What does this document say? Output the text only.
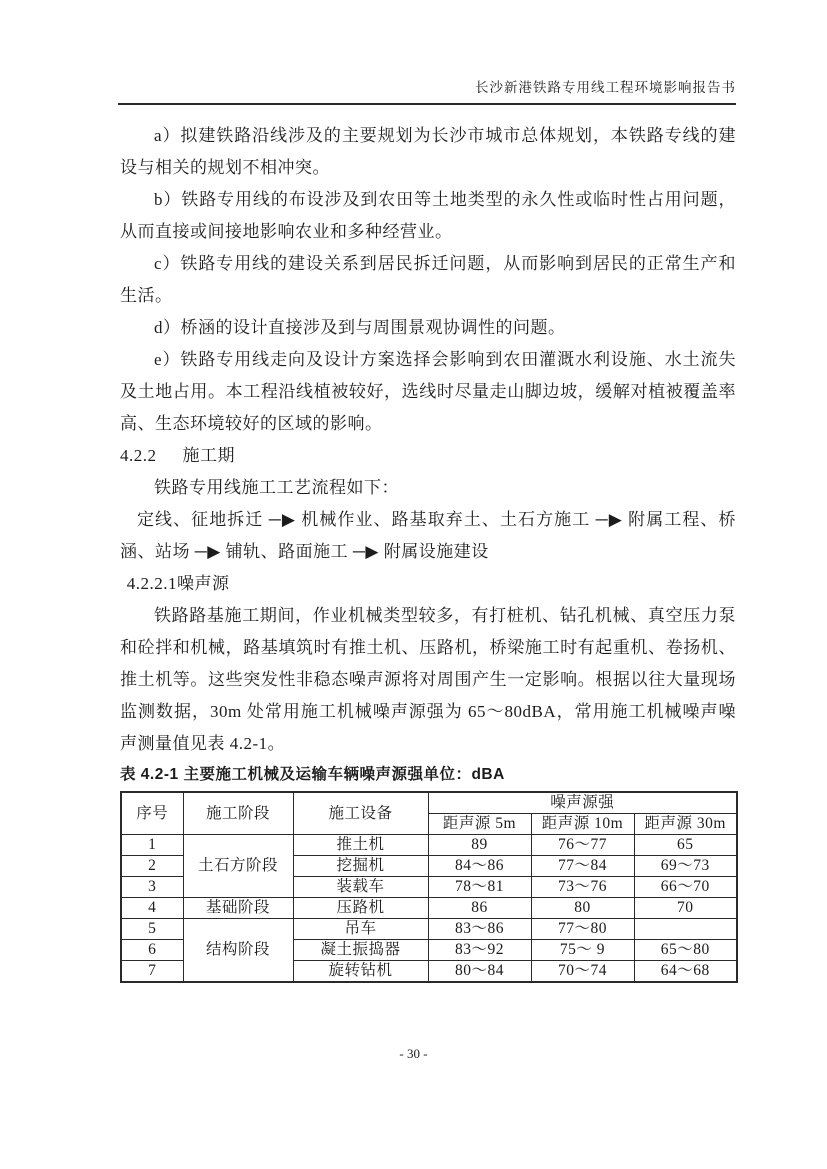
长沙新港铁路专用线工程环境影响报告书

a）拟建铁路沿线涉及的主要规划为长沙市城市总体规划，本铁路专线的建设与相关的规划不相冲突。

b）铁路专用线的布设涉及到农田等土地类型的永久性或临时性占用问题，从而直接或间接地影响农业和多种经营业。

c）铁路专用线的建设关系到居民拆迁问题，从而影响到居民的正常生产和生活。

d）桥涵的设计直接涉及到与周围景观协调性的问题。

e）铁路专用线走向及设计方案选择会影响到农田灌溉水利设施、水土流失及土地占用。本工程沿线植被较好，选线时尽量走山脚边坡，缓解对植被覆盖率高、生态环境较好的区域的影响。

4.2.2 施工期

铁路专用线施工工艺流程如下：

定线、征地拆迁 ─▶ 机械作业、路基取弃土、土石方施工 ─▶ 附属工程、桥涵、站场 ─▶ 铺轨、路面施工 ─▶ 附属设施建设

4.2.2.1噪声源

铁路路基施工期间，作业机械类型较多，有打桩机、钻孔机械、真空压力泵和砼拌和机械，路基填筑时有推土机、压路机，桥梁施工时有起重机、卷扬机、推土机等。这些突发性非稳态噪声源将对周围产生一定影响。根据以往大量现场监测数据，30m 处常用施工机械噪声源强为 65～80dBA，常用施工机械噪声噪声测量值见表 4.2-1。

表 4.2-1 主要施工机械及运输车辆噪声源强单位：dBA

序号	施工阶段	施工设备	噪声源强		
			距声源 5m	距声源 10m	距声源 30m
1	土石方阶段	推土机	89	76～77	65
2		挖掘机	84～86	77～84	69～73
3		装载车	78～81	73～76	66～70
4	基础阶段	压路机	86	80	70
5	结构阶段	吊车	83～86	77～80	
6		凝土振捣器	83～92	75～ 9	65～80
7		旋转钻机	80～84	70～74	64～68
- 30 -
